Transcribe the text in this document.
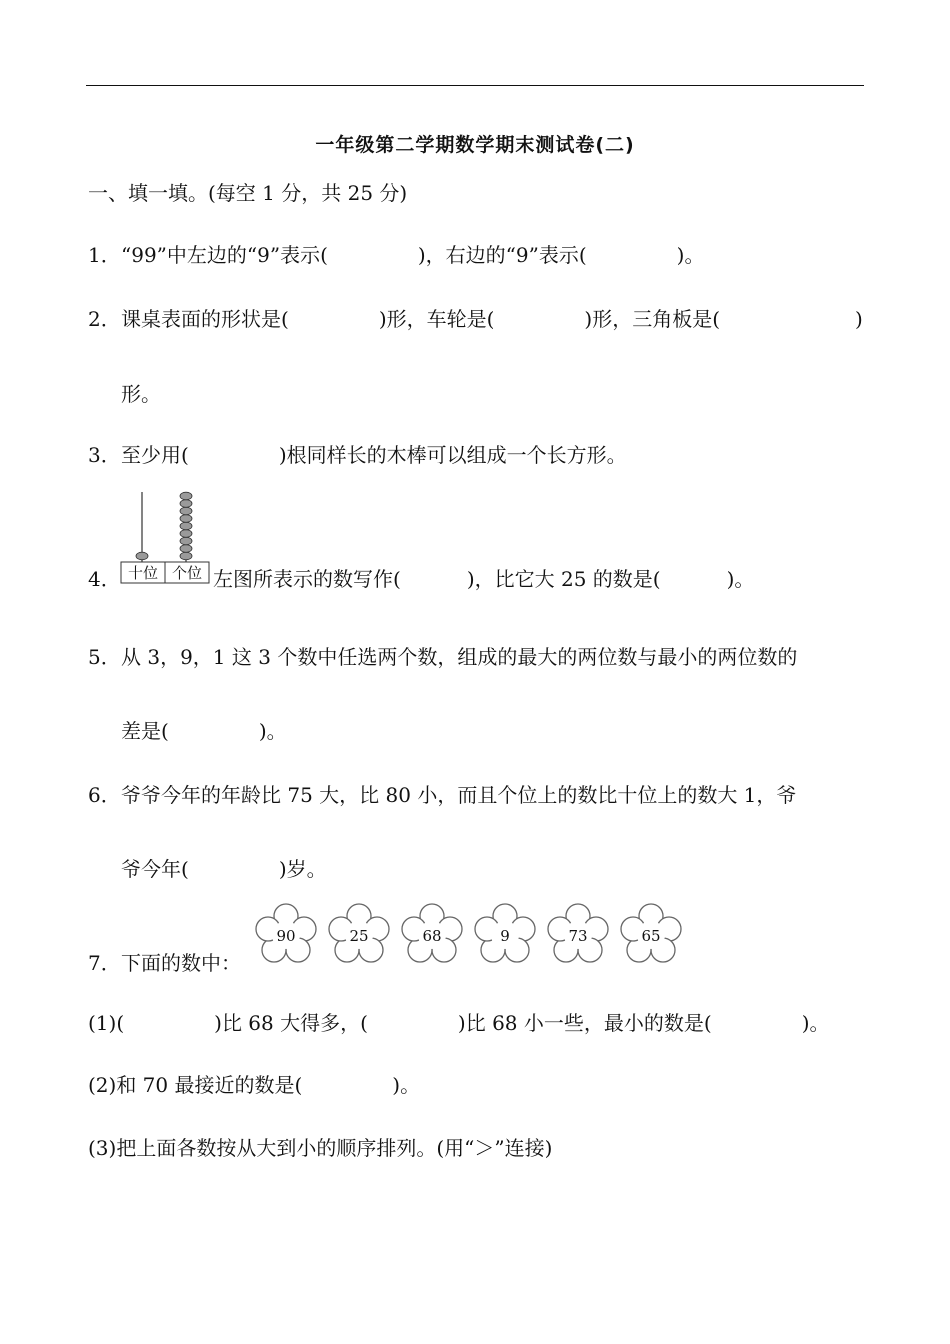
一年级第二学期数学期末测试卷(二)
一、填一填。(每空 1 分，共 25 分)
1．“99”中左边的“9”表示(	)，右边的“9”表示(	)。
2．课桌表面的形状是(	)形，车轮是(	)形，三角板是(	)
形。
3．至少用(	)根同样长的木棒可以组成一个长方形。
十位 个位
4．	左图所表示的数写作(	)，比它大 25 的数是(	)。
5．从 3，9，1 这 3 个数中任选两个数，组成的最大的两位数与最小的两位数的
差是(	)。
6．爷爷今年的年龄比 75 大，比 80 小，而且个位上的数比十位上的数大 1，爷
爷今年(	)岁。
7．下面的数中：
90	25	68	9	73	65
(1)(	)比 68 大得多，(	)比 68 小一些，最小的数是(	)。
(2)和 70 最接近的数是(	)。
(3)把上面各数按从大到小的顺序排列。(用“＞”连接)
